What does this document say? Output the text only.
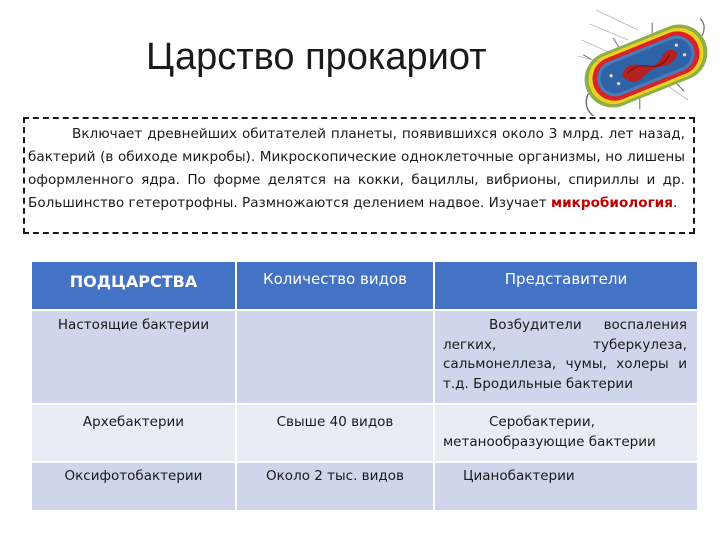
Царство прокариот
Включает древнейших обитателей планеты, появившихся около 3 млрд. лет назад, бактерий (в обиходе микробы). Микроскопические одноклеточные организмы, но лишены оформленного ядра. По форме делятся на кокки, бациллы, вибрионы, спириллы и др. Большинство гетеротрофны. Размножаются делением надвое. Изучает микробиология.
ПОДЦАРСТВА	Количество видов	Представители
Настоящие бактерии		Возбудители воспаления легких, туберкулеза, сальмонеллеза, чумы, холеры и т.д. Бродильные бактерии
Архебактерии	Свыше 40 видов	Серобактерии, метанообразующие бактерии
Оксифотобактерии	Около 2 тыс. видов	Цианобактерии
